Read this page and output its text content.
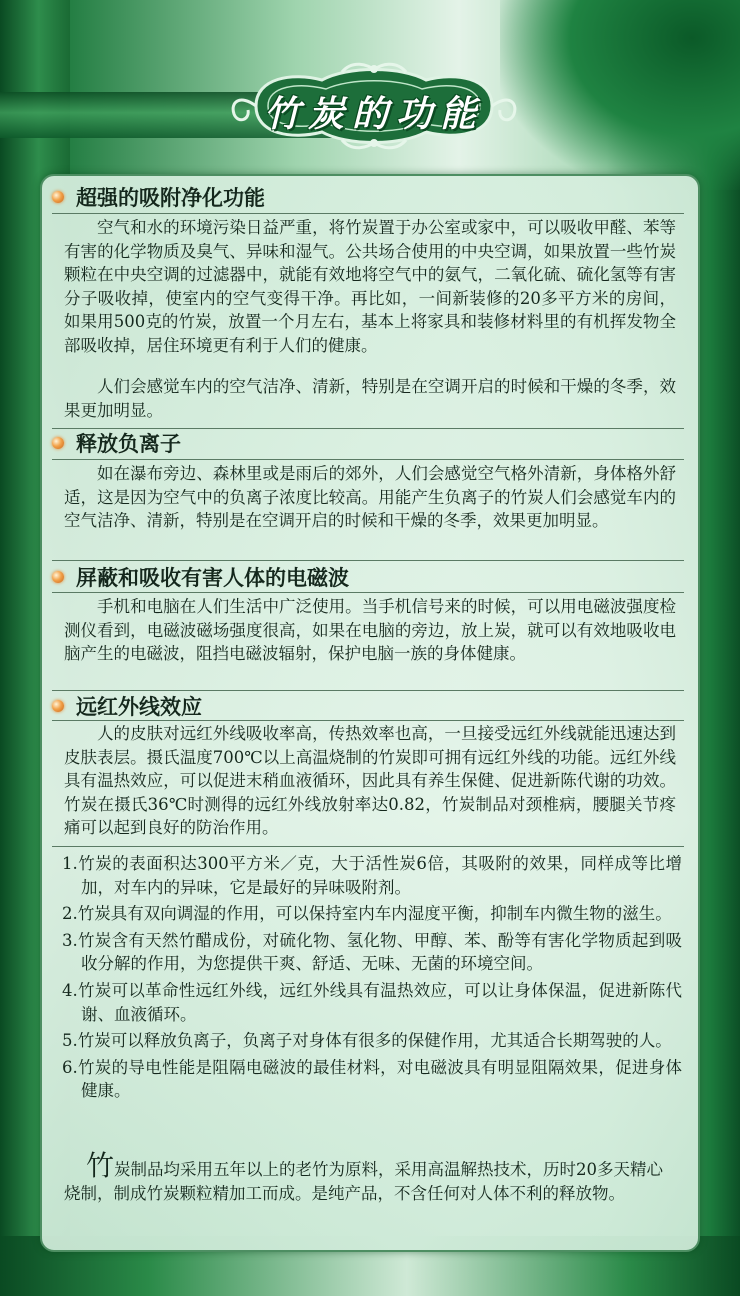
竹炭的功能
超强的吸附净化功能

空气和水的环境污染日益严重，将竹炭置于办公室或家中，可以吸收甲醛、苯等有害的化学物质及臭气、异味和湿气。公共场合使用的中央空调，如果放置一些竹炭颗粒在中央空调的过滤器中，就能有效地将空气中的氨气，二氧化硫、硫化氢等有害分子吸收掉，使室内的空气变得干净。再比如，一间新装修的20多平方米的房间，如果用500克的竹炭，放置一个月左右，基本上将家具和装修材料里的有机挥发物全部吸收掉，居住环境更有利于人们的健康。

人们会感觉车内的空气洁净、清新，特别是在空调开启的时候和干燥的冬季，效果更加明显。

释放负离子

如在瀑布旁边、森林里或是雨后的郊外，人们会感觉空气格外清新，身体格外舒适，这是因为空气中的负离子浓度比较高。用能产生负离子的竹炭人们会感觉车内的空气洁净、清新，特别是在空调开启的时候和干燥的冬季，效果更加明显。

屏蔽和吸收有害人体的电磁波

手机和电脑在人们生活中广泛使用。当手机信号来的时候，可以用电磁波强度检测仪看到，电磁波磁场强度很高，如果在电脑的旁边，放上炭，就可以有效地吸收电脑产生的电磁波，阻挡电磁波辐射，保护电脑一族的身体健康。

远红外线效应

人的皮肤对远红外线吸收率高，传热效率也高，一旦接受远红外线就能迅速达到皮肤表层。摄氏温度700℃以上高温烧制的竹炭即可拥有远红外线的功能。远红外线具有温热效应，可以促进末稍血液循环，因此具有养生保健、促进新陈代谢的功效。竹炭在摄氏36℃时测得的远红外线放射率达0.82，竹炭制品对颈椎病，腰腿关节疼痛可以起到良好的防治作用。

1.竹炭的表面积达300平方米／克，大于活性炭6倍，其吸附的效果，同样成等比增加，对车内的异味，它是最好的异味吸附剂。
2.竹炭具有双向调湿的作用，可以保持室内车内湿度平衡，抑制车内微生物的滋生。
3.竹炭含有天然竹醋成份，对硫化物、氢化物、甲醇、苯、酚等有害化学物质起到吸收分解的作用，为您提供干爽、舒适、无味、无菌的环境空间。
4.竹炭可以革命性远红外线，远红外线具有温热效应，可以让身体保温，促进新陈代谢、血液循环。
5.竹炭可以释放负离子，负离子对身体有很多的保健作用，尤其适合长期驾驶的人。
6.竹炭的导电性能是阻隔电磁波的最佳材料，对电磁波具有明显阻隔效果，促进身体健康。

竹炭制品均采用五年以上的老竹为原料，采用高温解热技术，历时20多天精心烧制，制成竹炭颗粒精加工而成。是纯产品，不含任何对人体不利的释放物。
